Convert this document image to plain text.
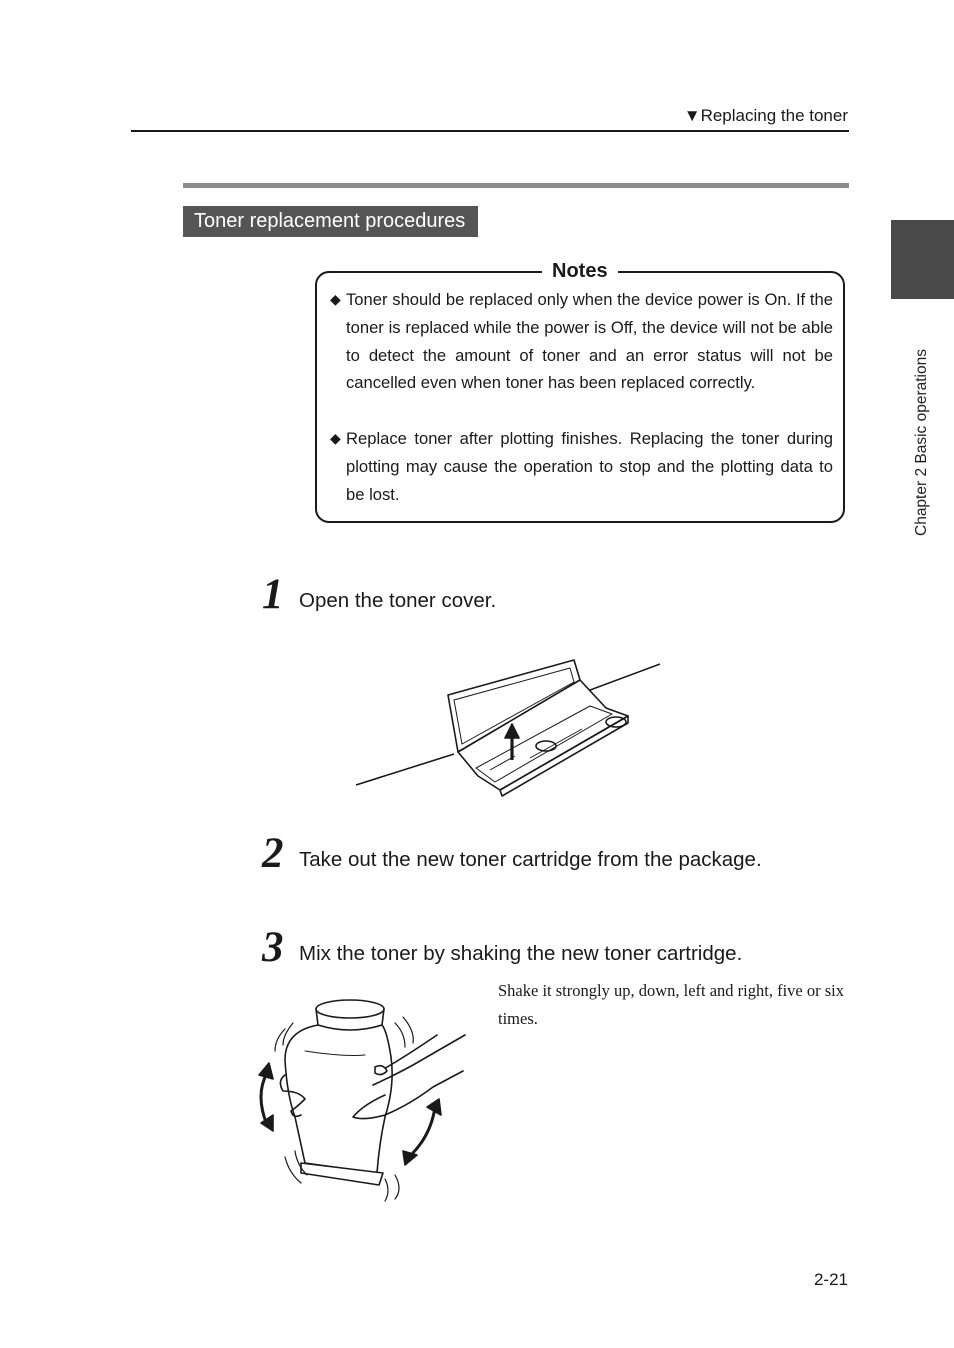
▼Replacing the toner
Chapter 2 Basic operations
Toner replacement procedures
Notes
◆ Toner should be replaced only when the device power is On. If the toner is replaced while the power is Off, the device will not be able to detect the amount of toner and an error status will not be cancelled even when toner has been replaced correctly.
◆ Replace toner after plotting finishes. Replacing the toner during plotting may cause the operation to stop and the plotting data to be lost.
1 Open the toner cover.
2 Take out the new toner cartridge from the package.
3 Mix the toner by shaking the new toner cartridge.
Shake it strongly up, down, left and right, five or six times.
2-21
